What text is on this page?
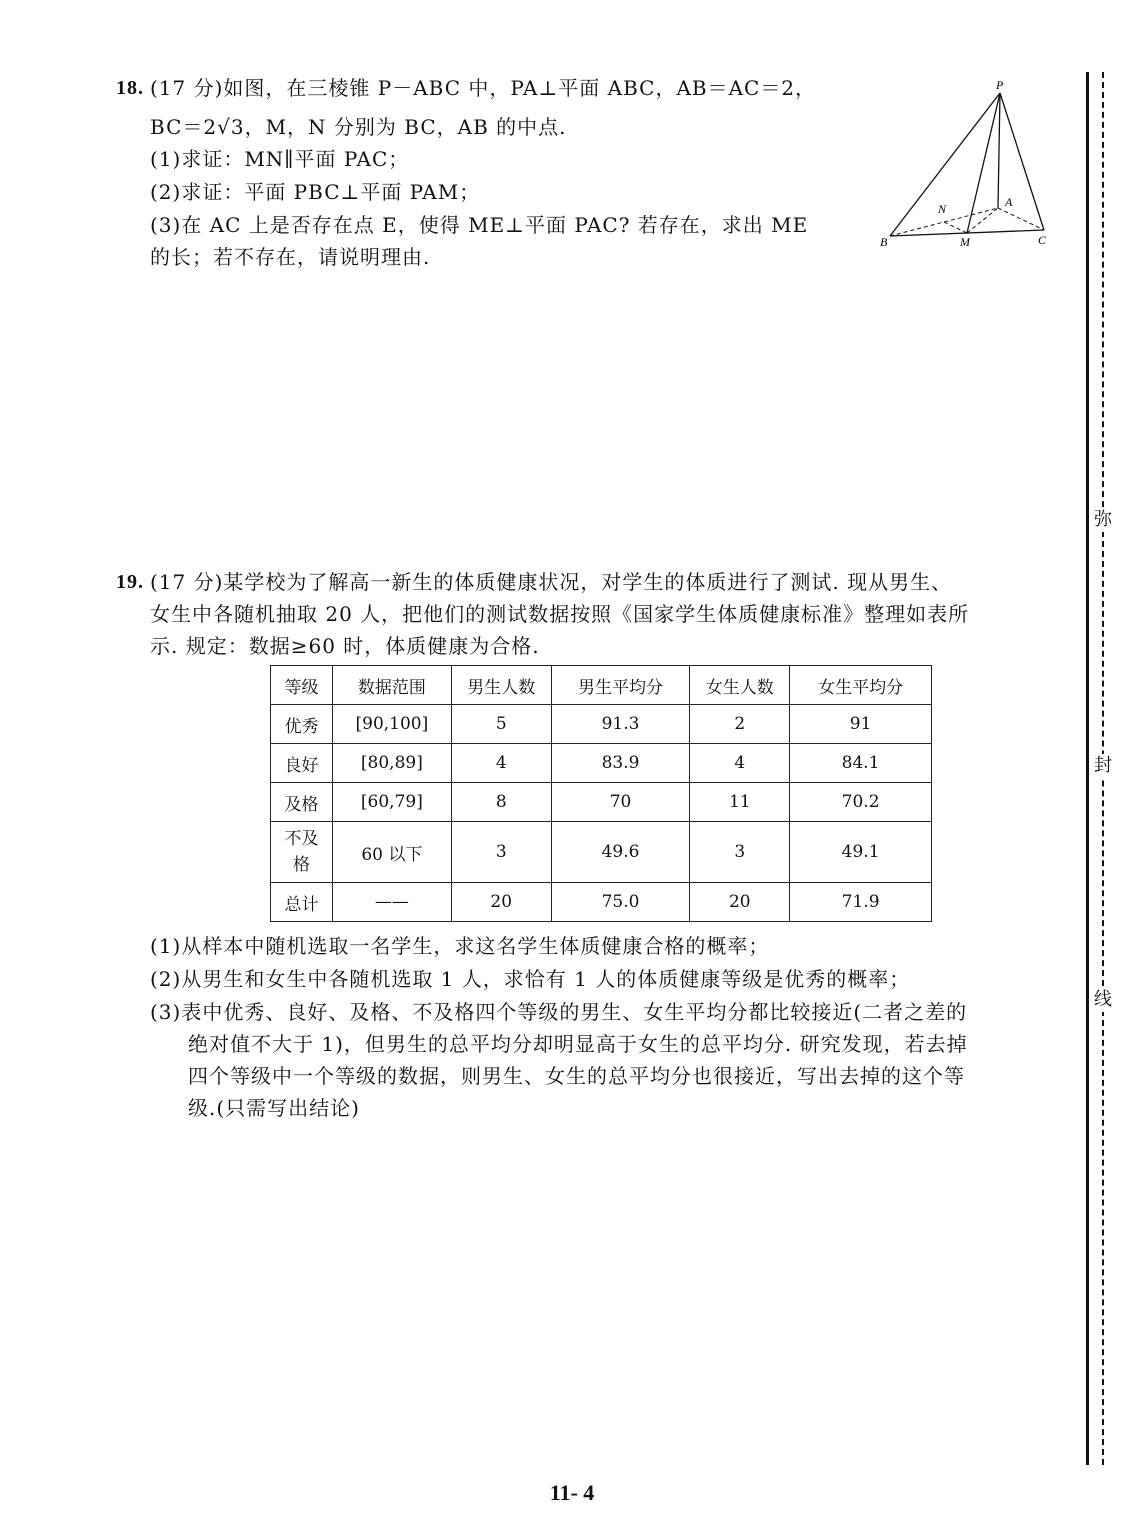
18. (17 分)如图，在三棱锥 P－ABC 中，PA⊥平面 ABC，AB＝AC＝2，
BC＝2√3，M，N 分别为 BC，AB 的中点.
(1)求证：MN∥平面 PAC；
(2)求证：平面 PBC⊥平面 PAM；
(3)在 AC 上是否存在点 E，使得 ME⊥平面 PAC? 若存在，求出 ME
的长；若不存在，请说明理由.
P
A
B	C
M
N
19. (17 分)某学校为了解高一新生的体质健康状况，对学生的体质进行了测试. 现从男生、
女生中各随机抽取 20 人，把他们的测试数据按照《国家学生体质健康标准》整理如表所
示. 规定：数据≥60 时，体质健康为合格.
等级	数据范围	男生人数	男生平均分	女生人数	女生平均分
优秀	[90,100]	5	91.3	2	91
良好	[80,89]	4	83.9	4	84.1
及格	[60,79]	8	70	11	70.2
不及格	60 以下	3	49.6	3	49.1
总计	——	20	75.0	20	71.9
(1)从样本中随机选取一名学生，求这名学生体质健康合格的概率；
(2)从男生和女生中各随机选取 1 人，求恰有 1 人的体质健康等级是优秀的概率；
(3)表中优秀、良好、及格、不及格四个等级的男生、女生平均分都比较接近(二者之差的
绝对值不大于 1)，但男生的总平均分却明显高于女生的总平均分. 研究发现，若去掉
四个等级中一个等级的数据，则男生、女生的总平均分也很接近，写出去掉的这个等
级.(只需写出结论)
弥
封
线
11- 4
